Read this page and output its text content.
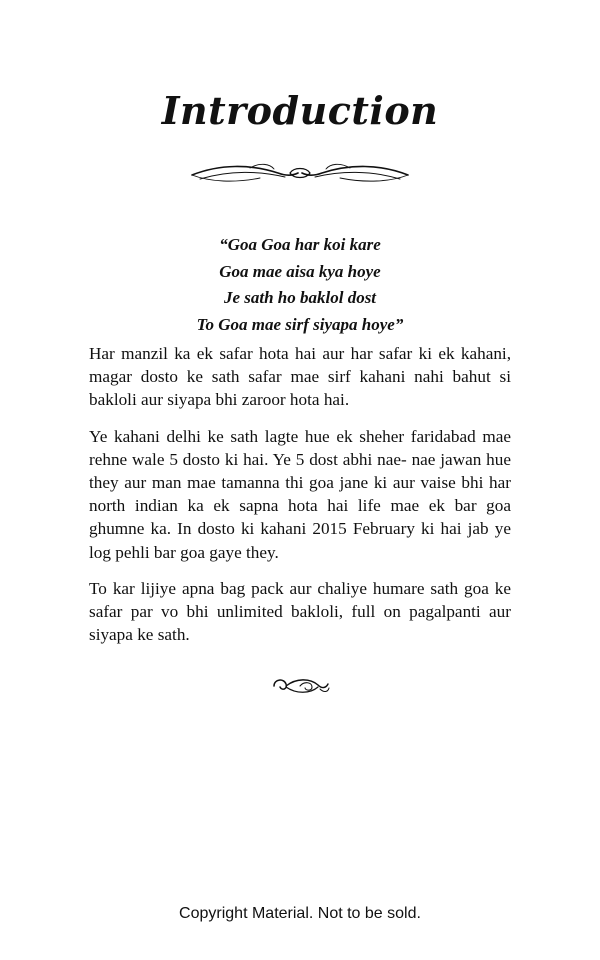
Introduction
“Goa Goa har koi kare
Goa mae aisa kya hoye
Je sath ho baklol dost
To Goa mae sirf siyapa hoye”

Har manzil ka ek safar hota hai aur har safar ki ek kahani, magar dosto ke sath safar mae sirf kahani nahi bahut si bakloli aur siyapa bhi zaroor hota hai.

Ye kahani delhi ke sath lagte hue ek sheher faridabad mae rehne wale 5 dosto ki hai. Ye 5 dost abhi nae- nae jawan hue they aur man mae tamanna thi goa jane ki aur vaise bhi har north indian ka ek sapna hota hai life mae ek bar goa ghumne ka. In dosto ki kahani 2015 February ki hai jab ye log pehli bar goa gaye they.

To kar lijiye apna bag pack aur chaliye humare sath goa ke safar par vo bhi unlimited bakloli, full on pagalpanti aur siyapa ke sath.

Copyright Material. Not to be sold.
